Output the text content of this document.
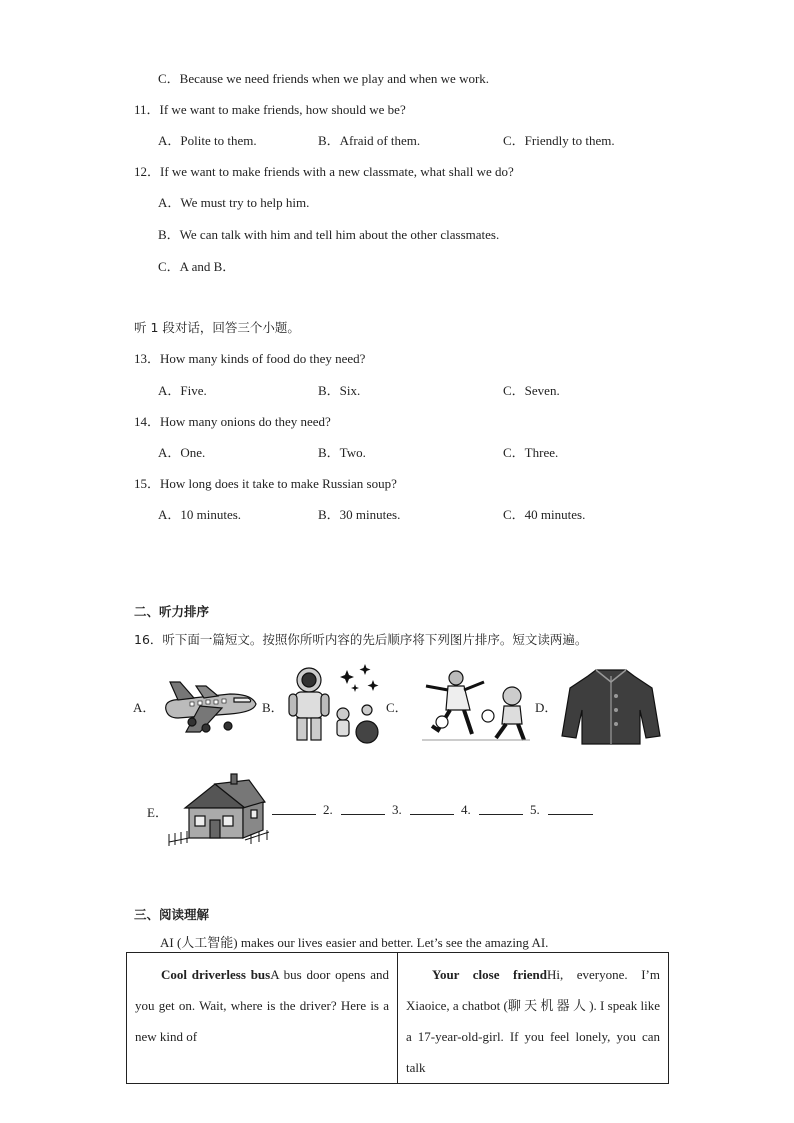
C．Because we need friends when we play and when we work.
11．If we want to make friends, how should we be?
A．Polite to them.	B．Afraid of them.	C．Friendly to them.
12．If we want to make friends with a new classmate, what shall we do?
A．We must try to help him.
B．We can talk with him and tell him about the other classmates.
C．A and B．
听 1 段对话，回答三个小题。
13．How many kinds of food do they need?
A．Five.	B．Six.	C．Seven.
14．How many onions do they need?
A．One.	B．Two.	C．Three.
15．How long does it take to make Russian soup?
A．10 minutes.	B．30 minutes.	C．40 minutes.
二、听力排序
16．听下面一篇短文。按照你所听内容的先后顺序将下列图片排序。短文读两遍。
A．	B．	C．	D．
E．	2.	3.	4.	5.
三、阅读理解
AI (人工智能) makes our lives easier and better. Let’s see the amazing AI.
Cool driverless busA bus door opens and you get on. Wait, where is the driver? Here is a new kind of	Your close friendHi, everyone. I’m Xiaoice, a chatbot (聊 天 机 器 人 ). I speak like a 17-year-old-girl. If you feel lonely, you can talk
